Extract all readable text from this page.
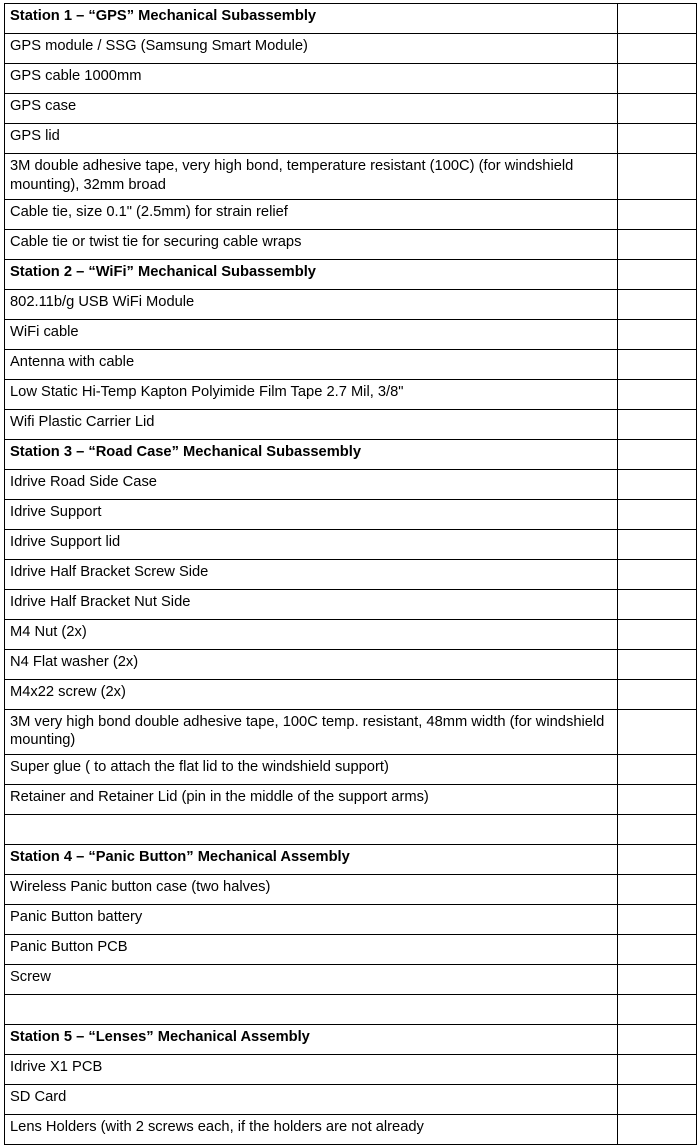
Station 1 – “GPS” Mechanical Subassembly	
GPS module / SSG (Samsung Smart Module)	
GPS cable 1000mm	
GPS case	
GPS lid	
3M double adhesive tape, very high bond, temperature resistant (100C) (for windshield mounting), 32mm broad	
Cable tie, size 0.1" (2.5mm) for strain relief	
Cable tie or twist tie for securing cable wraps	
Station 2 – “WiFi” Mechanical Subassembly	
802.11b/g USB WiFi Module	
WiFi cable	
Antenna with cable	
Low Static Hi-Temp Kapton Polyimide Film Tape 2.7 Mil, 3/8"	
Wifi Plastic Carrier Lid	
Station 3 – “Road Case” Mechanical Subassembly	
Idrive Road Side Case	
Idrive Support	
Idrive Support lid	
Idrive Half Bracket Screw Side	
Idrive Half Bracket Nut Side	
M4 Nut (2x)	
N4 Flat washer (2x)	
M4x22 screw (2x)	
3M very high bond double adhesive tape, 100C temp. resistant, 48mm width (for windshield mounting)	
Super glue ( to attach the flat lid to the windshield support)	
Retainer and Retainer Lid (pin in the middle of the support arms)	

Station 4 – “Panic Button” Mechanical Assembly	
Wireless Panic button case (two halves)	
Panic Button battery	
Panic Button PCB	
Screw	

Station 5 – “Lenses” Mechanical Assembly	
Idrive X1 PCB	
SD Card	
Lens Holders (with 2 screws each, if the holders are not already	
